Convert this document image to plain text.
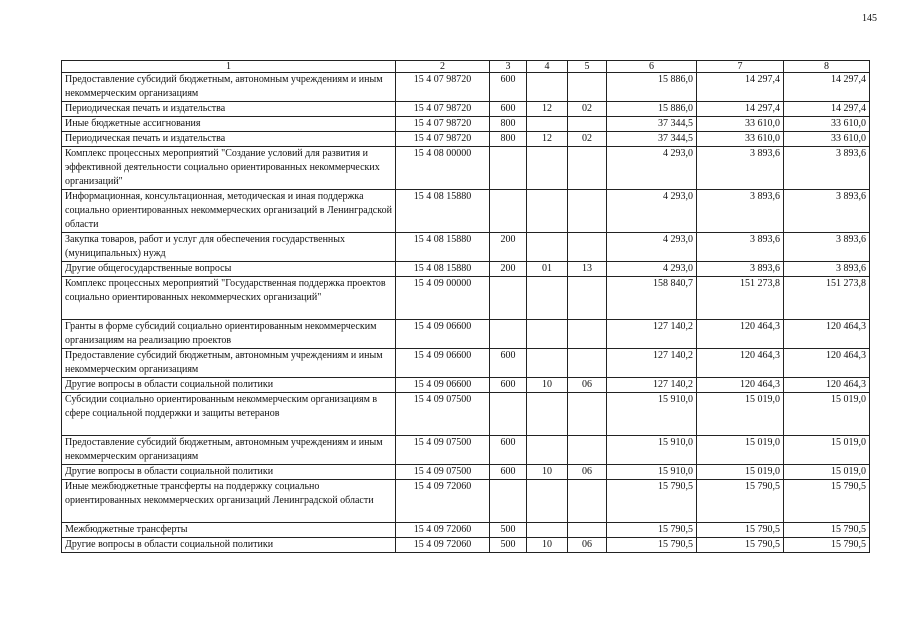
145
1	2	3	4	5	6	7	8
Предоставление субсидий бюджетным, автономным учреждениям и иным некоммерческим организациям	15 4 07 98720	600			15 886,0	14 297,4	14 297,4
Периодическая печать и издательства	15 4 07 98720	600	12	02	15 886,0	14 297,4	14 297,4
Иные бюджетные ассигнования	15 4 07 98720	800			37 344,5	33 610,0	33 610,0
Периодическая печать и издательства	15 4 07 98720	800	12	02	37 344,5	33 610,0	33 610,0
Комплекс процессных мероприятий "Создание условий для развития и эффективной деятельности социально ориентированных некоммерческих организаций"	15 4 08 00000				4 293,0	3 893,6	3 893,6
Информационная, консультационная, методическая и иная поддержка социально ориентированных некоммерческих организаций в Ленинградской области	15 4 08 15880				4 293,0	3 893,6	3 893,6
Закупка товаров, работ и услуг для обеспечения государственных (муниципальных) нужд	15 4 08 15880	200			4 293,0	3 893,6	3 893,6
Другие общегосударственные вопросы	15 4 08 15880	200	01	13	4 293,0	3 893,6	3 893,6
Комплекс процессных мероприятий "Государственная поддержка проектов социально ориентированных некоммерческих организаций"	15 4 09 00000				158 840,7	151 273,8	151 273,8
Гранты в форме субсидий социально ориентированным некоммерческим организациям на реализацию проектов	15 4 09 06600				127 140,2	120 464,3	120 464,3
Предоставление субсидий бюджетным, автономным учреждениям и иным некоммерческим организациям	15 4 09 06600	600			127 140,2	120 464,3	120 464,3
Другие вопросы в области социальной политики	15 4 09 06600	600	10	06	127 140,2	120 464,3	120 464,3
Субсидии социально ориентированным некоммерческим организациям в сфере социальной поддержки и защиты ветеранов	15 4 09 07500				15 910,0	15 019,0	15 019,0
Предоставление субсидий бюджетным, автономным учреждениям и иным некоммерческим организациям	15 4 09 07500	600			15 910,0	15 019,0	15 019,0
Другие вопросы в области социальной политики	15 4 09 07500	600	10	06	15 910,0	15 019,0	15 019,0
Иные межбюджетные трансферты на поддержку социально ориентированных некоммерческих организаций Ленинградской области	15 4 09 72060				15 790,5	15 790,5	15 790,5
Межбюджетные трансферты	15 4 09 72060	500			15 790,5	15 790,5	15 790,5
Другие вопросы в области социальной политики	15 4 09 72060	500	10	06	15 790,5	15 790,5	15 790,5
